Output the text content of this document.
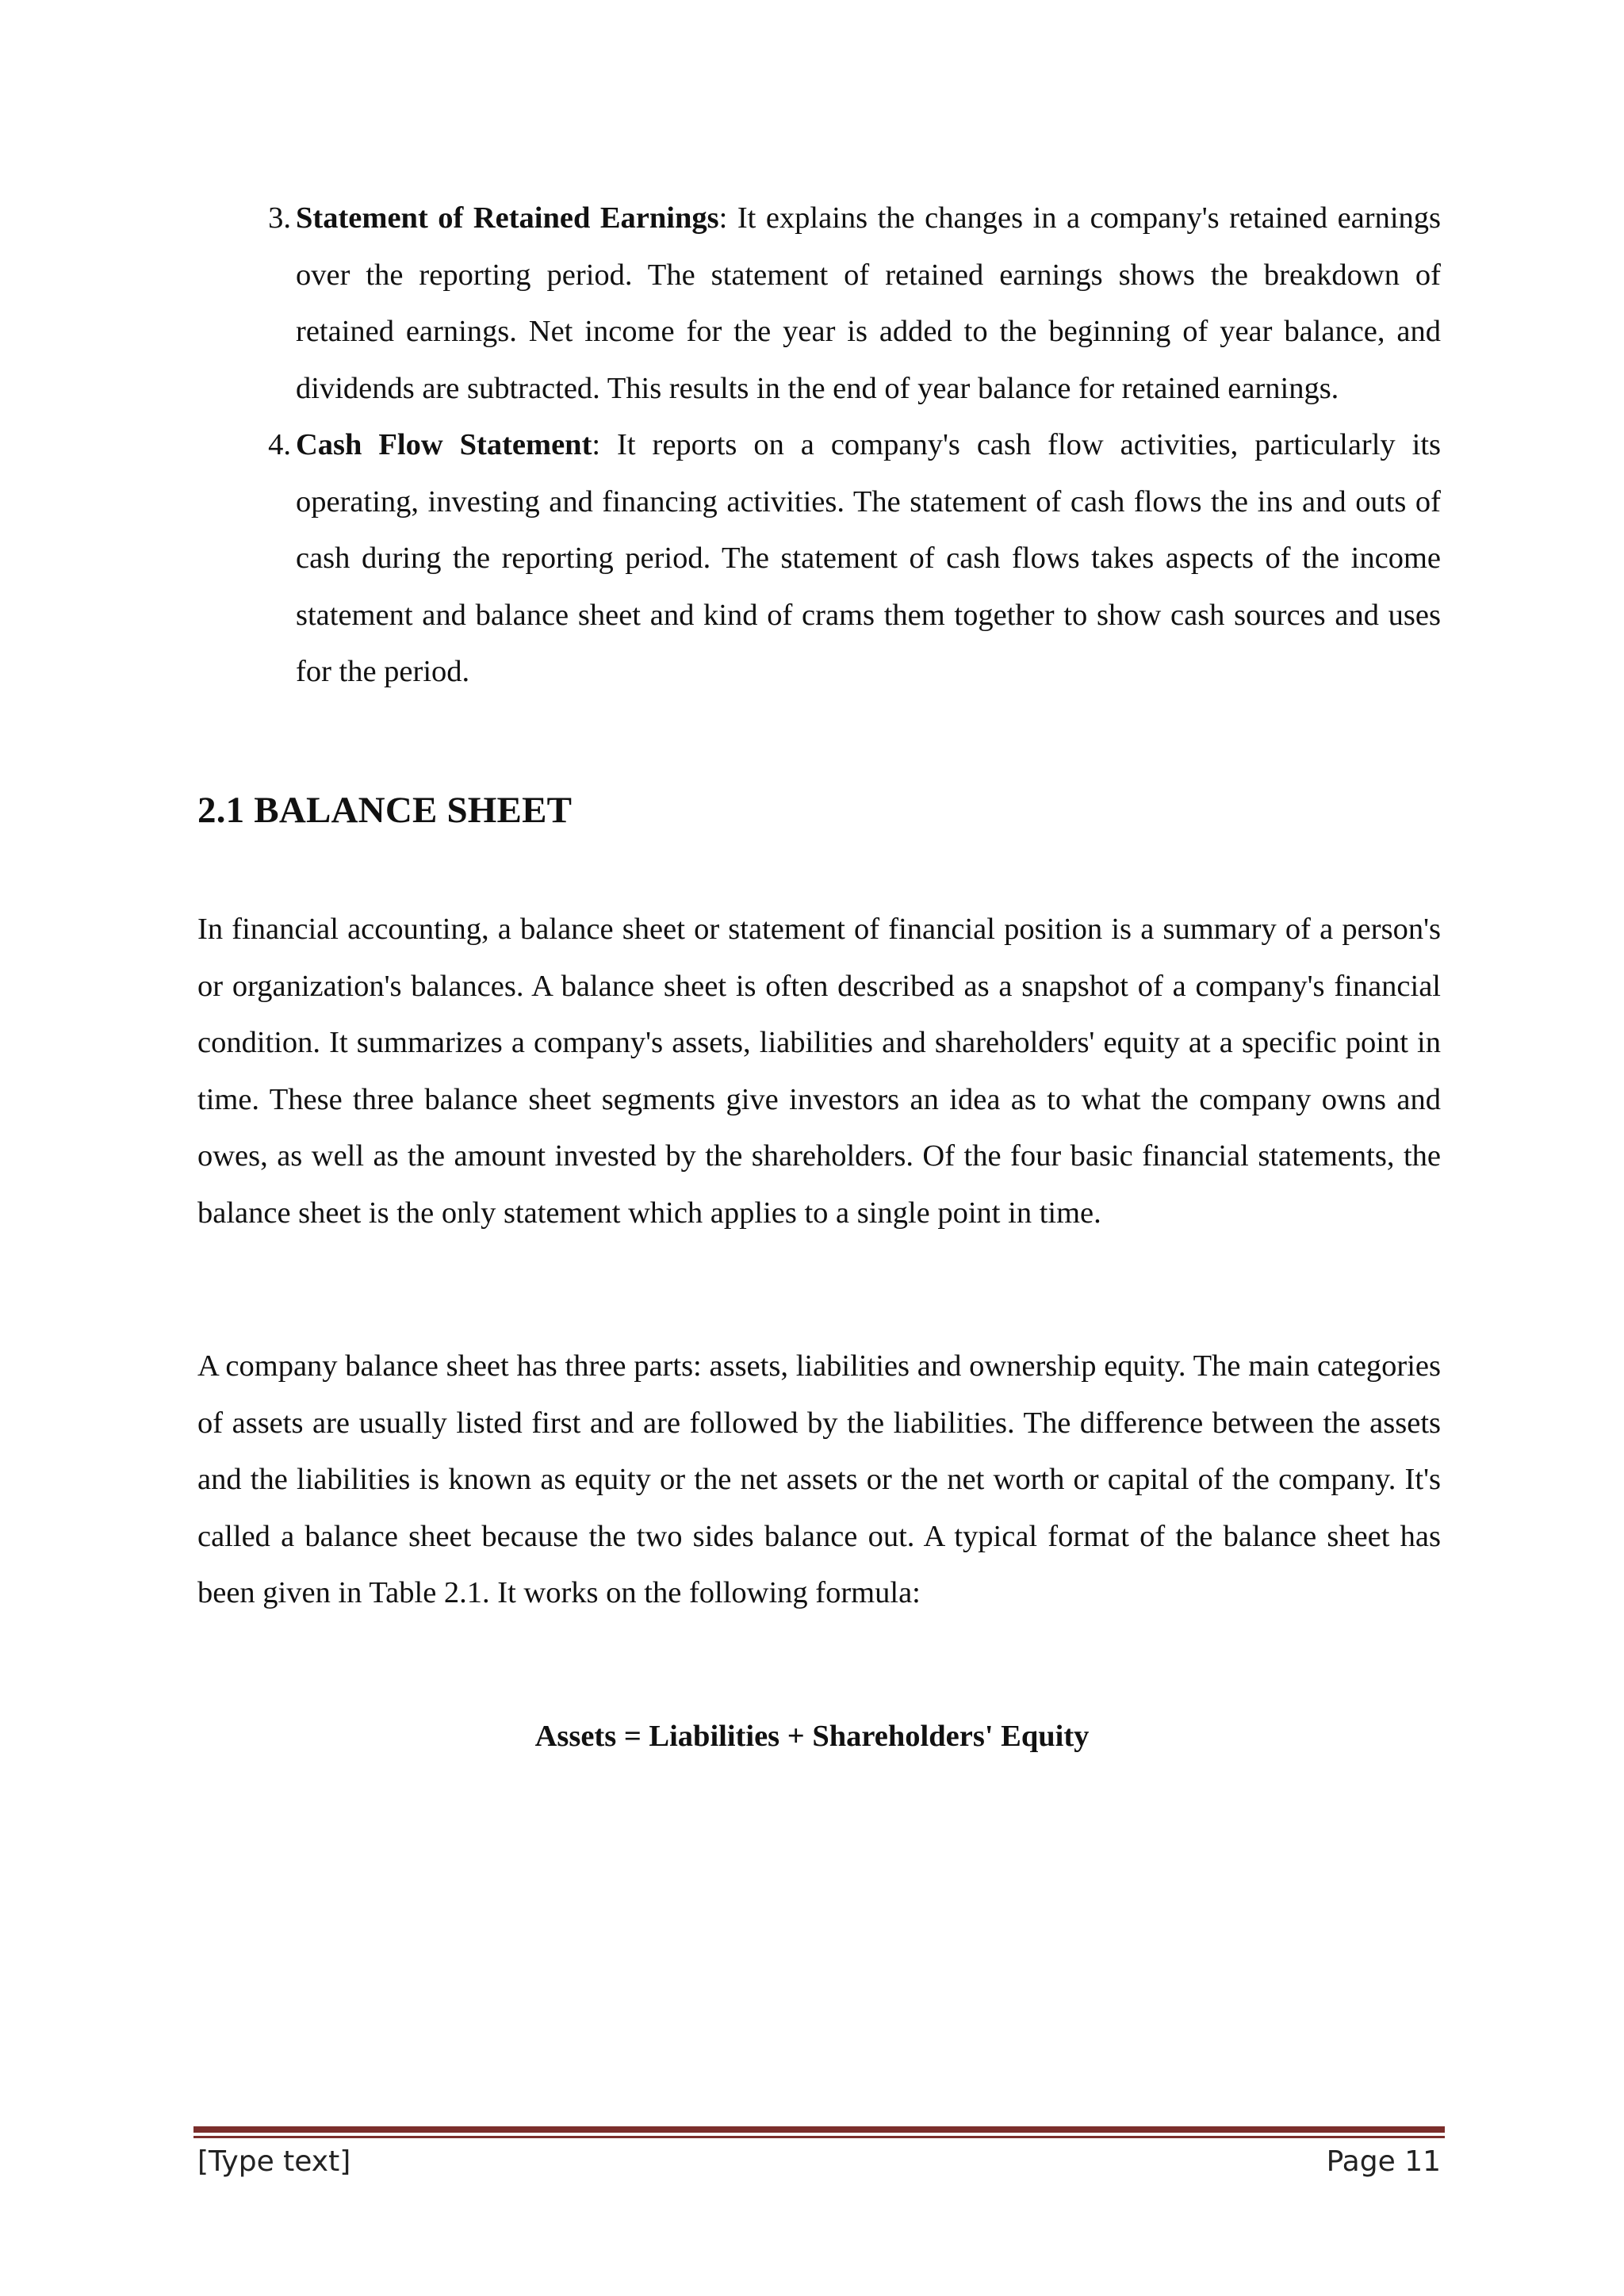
3. Statement of Retained Earnings: It explains the changes in a company's retained earnings over the reporting period. The statement of retained earnings shows the breakdown of retained earnings. Net income for the year is added to the beginning of year balance, and dividends are subtracted. This results in the end of year balance for retained earnings.
4. Cash Flow Statement: It reports on a company's cash flow activities, particularly its operating, investing and financing activities. The statement of cash flows the ins and outs of cash during the reporting period. The statement of cash flows takes aspects of the income statement and balance sheet and kind of crams them together to show cash sources and uses for the period.
2.1 BALANCE SHEET

In financial accounting, a balance sheet or statement of financial position is a summary of a person's or organization's balances. A balance sheet is often described as a snapshot of a company's financial condition. It summarizes a company's assets, liabilities and shareholders' equity at a specific point in time. These three balance sheet segments give investors an idea as to what the company owns and owes, as well as the amount invested by the shareholders. Of the four basic financial statements, the balance sheet is the only statement which applies to a single point in time.

A company balance sheet has three parts: assets, liabilities and ownership equity. The main categories of assets are usually listed first and are followed by the liabilities. The difference between the assets and the liabilities is known as equity or the net assets or the net worth or capital of the company. It's called a balance sheet because the two sides balance out. A typical format of the balance sheet has been given in Table 2.1. It works on the following formula:

Assets = Liabilities + Shareholders' Equity
[Type text]	Page 11
